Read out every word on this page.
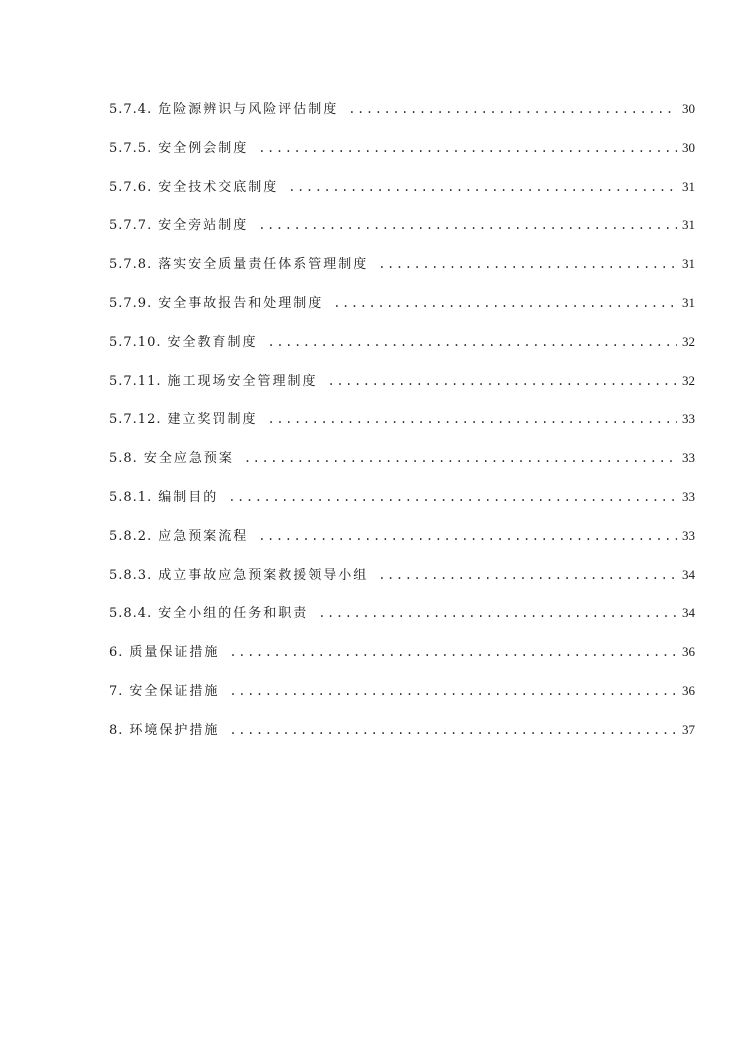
5.7.4. 危险源辨识与风险评估制度 .....	30
5.7.5. 安全例会制度 .....	30
5.7.6. 安全技术交底制度 .....	31
5.7.7. 安全旁站制度 .....	31
5.7.8. 落实安全质量责任体系管理制度 .....	31
5.7.9. 安全事故报告和处理制度 .....	31
5.7.10. 安全教育制度 .....	32
5.7.11. 施工现场安全管理制度 .....	32
5.7.12. 建立奖罚制度 .....	33
5.8. 安全应急预案 .....	33
5.8.1. 编制目的 .....	33
5.8.2. 应急预案流程 .....	33
5.8.3. 成立事故应急预案救援领导小组 .....	34
5.8.4. 安全小组的任务和职责 .....	34
6. 质量保证措施 .....	36
7. 安全保证措施 .....	36
8. 环境保护措施 .....	37
